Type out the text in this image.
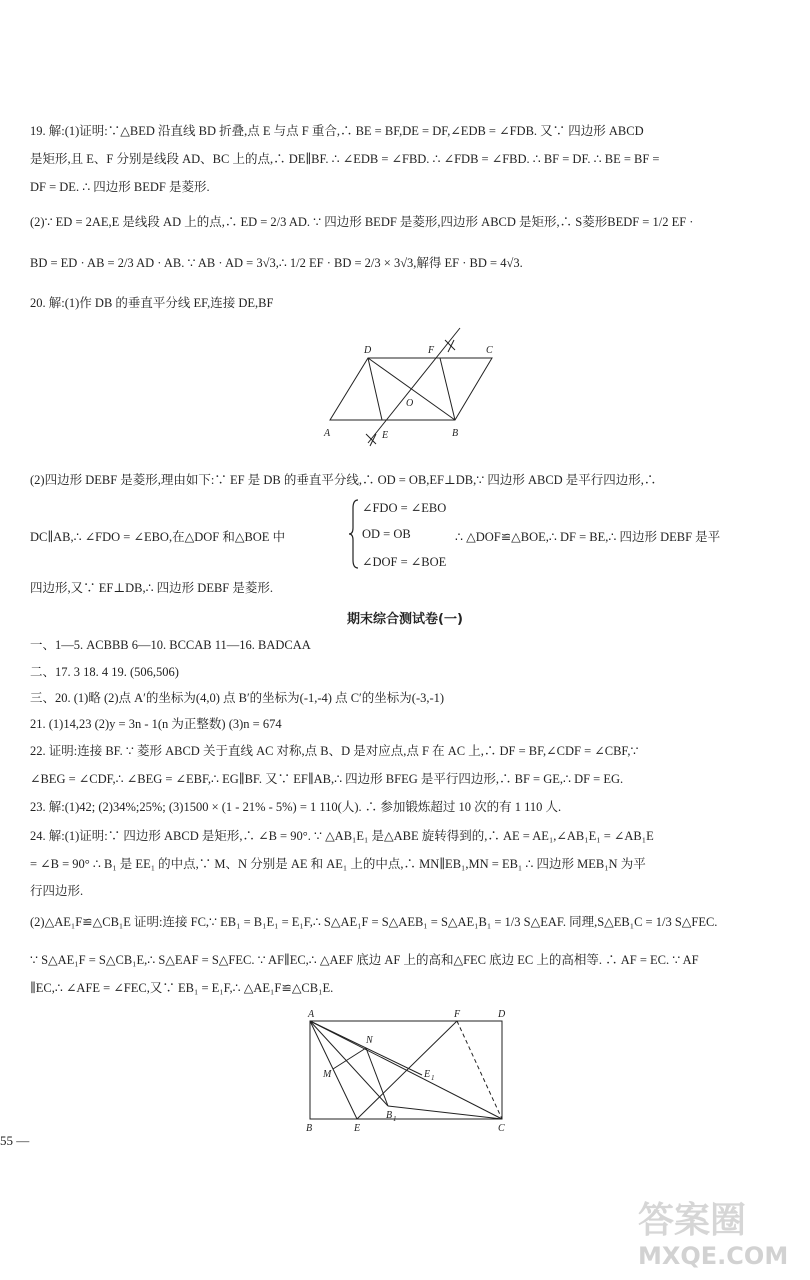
19. 解:(1)证明:∵△BED 沿直线 BD 折叠,点 E 与点 F 重合,∴ BE = BF,DE = DF,∠EDB = ∠FDB. 又∵ 四边形 ABCD
是矩形,且 E、F 分别是线段 AD、BC 上的点,∴ DE∥BF. ∴ ∠EDB = ∠FBD. ∴ ∠FDB = ∠FBD. ∴ BF = DF. ∴ BE = BF =
DF = DE. ∴ 四边形 BEDF 是菱形.
(2)∵ ED = 2AE,E 是线段 AD 上的点,∴ ED = 2/3 AD. ∵ 四边形 BEDF 是菱形,四边形 ABCD 是矩形,∴ S菱形BEDF = 1/2 EF ·
BD = ED · AB = 2/3 AD · AB. ∵ AB · AD = 3√3,∴ 1/2 EF · BD = 2/3 × 3√3,解得 EF · BD = 4√3.
20. 解:(1)作 DB 的垂直平分线 EF,连接 DE,BF
D	F	C
O
A	E	B
(2)四边形 DEBF 是菱形,理由如下:∵ EF 是 DB 的垂直平分线,∴ OD = OB,EF⊥DB,∵ 四边形 ABCD 是平行四边形,∴
DC∥AB,∴ ∠FDO = ∠EBO,在△DOF 和△BOE 中
∠FDO = ∠EBO
OD = OB
∠DOF = ∠BOE
∴ △DOF≌△BOE,∴ DF = BE,∴ 四边形 DEBF 是平
四边形,又∵ EF⊥DB,∴ 四边形 DEBF 是菱形.
期末综合测试卷(一)
一、1—5. ACBBB 6—10. BCCAB 11—16. BADCAA
二、17. 3 18. 4 19. (506,506)
三、20. (1)略 (2)点 A′的坐标为(4,0) 点 B′的坐标为(-1,-4) 点 C′的坐标为(-3,-1)
21. (1)14,23 (2)y = 3n - 1(n 为正整数) (3)n = 674
22. 证明:连接 BF. ∵ 菱形 ABCD 关于直线 AC 对称,点 B、D 是对应点,点 F 在 AC 上,∴ DF = BF,∠CDF = ∠CBF,∵
∠BEG = ∠CDF,∴ ∠BEG = ∠EBF,∴ EG∥BF. 又∵ EF∥AB,∴ 四边形 BFEG 是平行四边形,∴ BF = GE,∴ DF = EG.
23. 解:(1)42; (2)34%;25%; (3)1500 × (1 - 21% - 5%) = 1 110(人). ∴ 参加锻炼超过 10 次的有 1 110 人.
24. 解:(1)证明:∵ 四边形 ABCD 是矩形,∴ ∠B = 90°. ∵ △AB₁E₁ 是△ABE 旋转得到的,∴ AE = AE₁,∠AB₁E₁ = ∠AB₁E
= ∠B = 90° ∴ B₁ 是 EE₁ 的中点,∵ M、N 分别是 AE 和 AE₁ 上的中点,∴ MN∥EB₁,MN = EB₁ ∴ 四边形 MEB₁N 为平
行四边形.
(2)△AE₁F≌△CB₁E 证明:连接 FC,∵ EB₁ = B₁E₁ = E₁F,∴ S△AE₁F = S△AEB₁ = S△AE₁B₁ = 1/3 S△EAF. 同理,S△EB₁C = 1/3 S△FEC.
∵ S△AE₁F = S△CB₁E,∴ S△EAF = S△FEC. ∵ AF∥EC,∴ △AEF 底边 AF 上的高和△FEC 底边 EC 上的高相等. ∴ AF = EC. ∵ AF
∥EC,∴ ∠AFE = ∠FEC,又∵ EB₁ = E₁F,∴ △AE₁F≌△CB₁E.
A	F	D
N
M	E 1
B 1
B	E	C
55 —
答案圈
MXQE.COM
